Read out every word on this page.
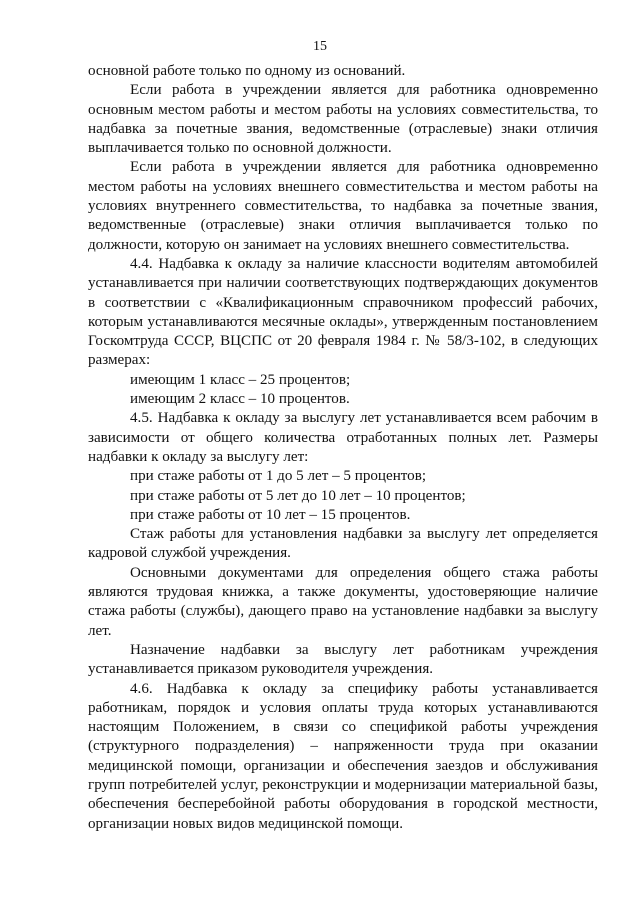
15

основной работе только по одному из оснований.

Если работа в учреждении является для работника одновременно основным местом работы и местом работы на условиях совместительства, то надбавка за почетные звания, ведомственные (отраслевые) знаки отличия выплачивается только по основной должности.

Если работа в учреждении является для работника одновременно местом работы на условиях внешнего совместительства и местом работы на условиях внутреннего совместительства, то надбавка за почетные звания, ведомственные (отраслевые) знаки отличия выплачивается только по должности, которую он занимает на условиях внешнего совместительства.

4.4. Надбавка к окладу за наличие классности водителям автомобилей устанавливается при наличии соответствующих подтверждающих документов в соответствии с «Квалификационным справочником профессий рабочих, которым устанавливаются месячные оклады», утвержденным постановлением Госкомтруда СССР, ВЦСПС от 20 февраля 1984 г. № 58/3-102, в следующих размерах:

имеющим 1 класс – 25 процентов;

имеющим 2 класс – 10 процентов.

4.5. Надбавка к окладу за выслугу лет устанавливается всем рабочим в зависимости от общего количества отработанных полных лет. Размеры надбавки к окладу за выслугу лет:

при стаже работы от 1 до 5 лет – 5 процентов;

при стаже работы от 5 лет до 10 лет – 10 процентов;

при стаже работы от 10 лет – 15 процентов.

Стаж работы для установления надбавки за выслугу лет определяется кадровой службой учреждения.

Основными документами для определения общего стажа работы являются трудовая книжка, а также документы, удостоверяющие наличие стажа работы (службы), дающего право на установление надбавки за выслугу лет.

Назначение надбавки за выслугу лет работникам учреждения устанавливается приказом руководителя учреждения.

4.6. Надбавка к окладу за специфику работы устанавливается работникам, порядок и условия оплаты труда которых устанавливаются настоящим Положением, в связи со спецификой работы учреждения (структурного подразделения) – напряженности труда при оказании медицинской помощи, организации и обеспечения заездов и обслуживания групп потребителей услуг, реконструкции и модернизации материальной базы, обеспечения бесперебойной работы оборудования в городской местности, организации новых видов медицинской помощи.
